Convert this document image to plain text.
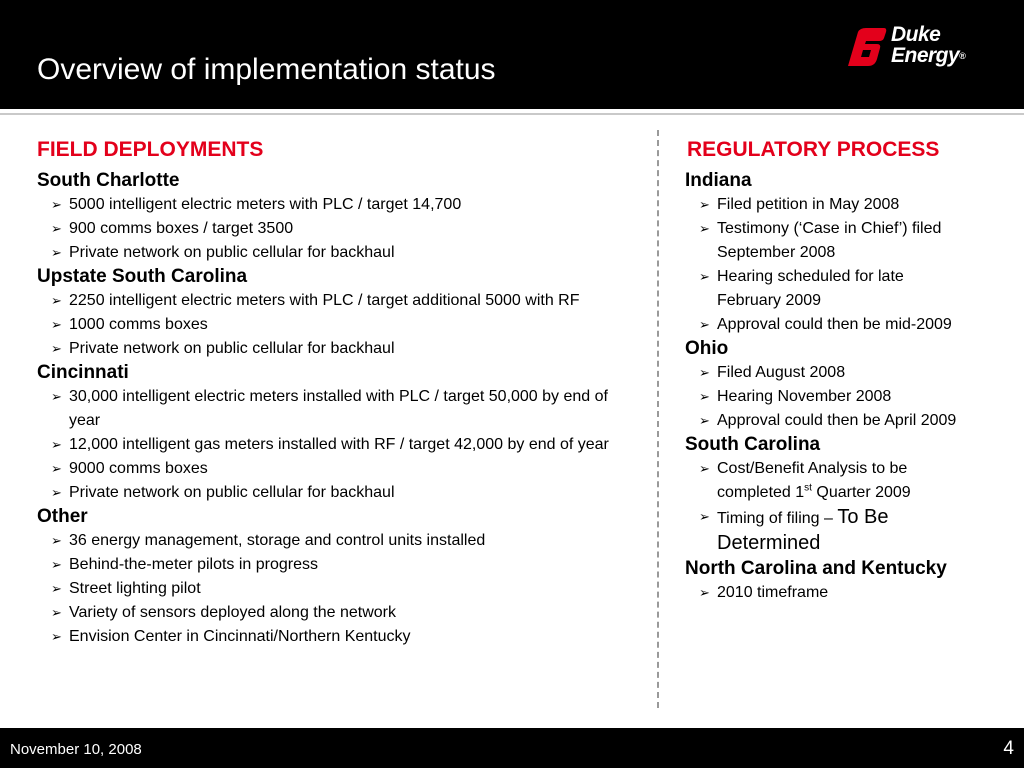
Overview of implementation status
Duke
Energy®
FIELD DEPLOYMENTS
South Charlotte
➢ 5000 intelligent electric meters with PLC / target 14,700
➢ 900 comms boxes / target 3500
➢ Private network on public cellular for backhaul
Upstate South Carolina
➢ 2250 intelligent electric meters with PLC / target additional 5000 with RF
➢ 1000 comms boxes
➢ Private network on public cellular for backhaul
Cincinnati
➢ 30,000 intelligent electric meters installed with PLC / target 50,000 by end of year
➢ 12,000 intelligent gas meters installed with RF / target 42,000 by end of year
➢ 9000 comms boxes
➢ Private network on public cellular for backhaul
Other
➢ 36 energy management, storage and control units installed
➢ Behind-the-meter pilots in progress
➢ Street lighting pilot
➢ Variety of sensors deployed along the network
➢ Envision Center in Cincinnati/Northern Kentucky
REGULATORY PROCESS
Indiana
➢ Filed petition in May 2008
➢ Testimony (‘Case in Chief’) filed September 2008
➢ Hearing scheduled for late February 2009
➢ Approval could then be mid-2009
Ohio
➢ Filed August 2008
➢ Hearing November 2008
➢ Approval could then be April 2009
South Carolina
➢ Cost/Benefit Analysis to be completed 1st Quarter 2009
➢ Timing of filing – To Be Determined
North Carolina and Kentucky
➢ 2010 timeframe
November 10, 2008	4
